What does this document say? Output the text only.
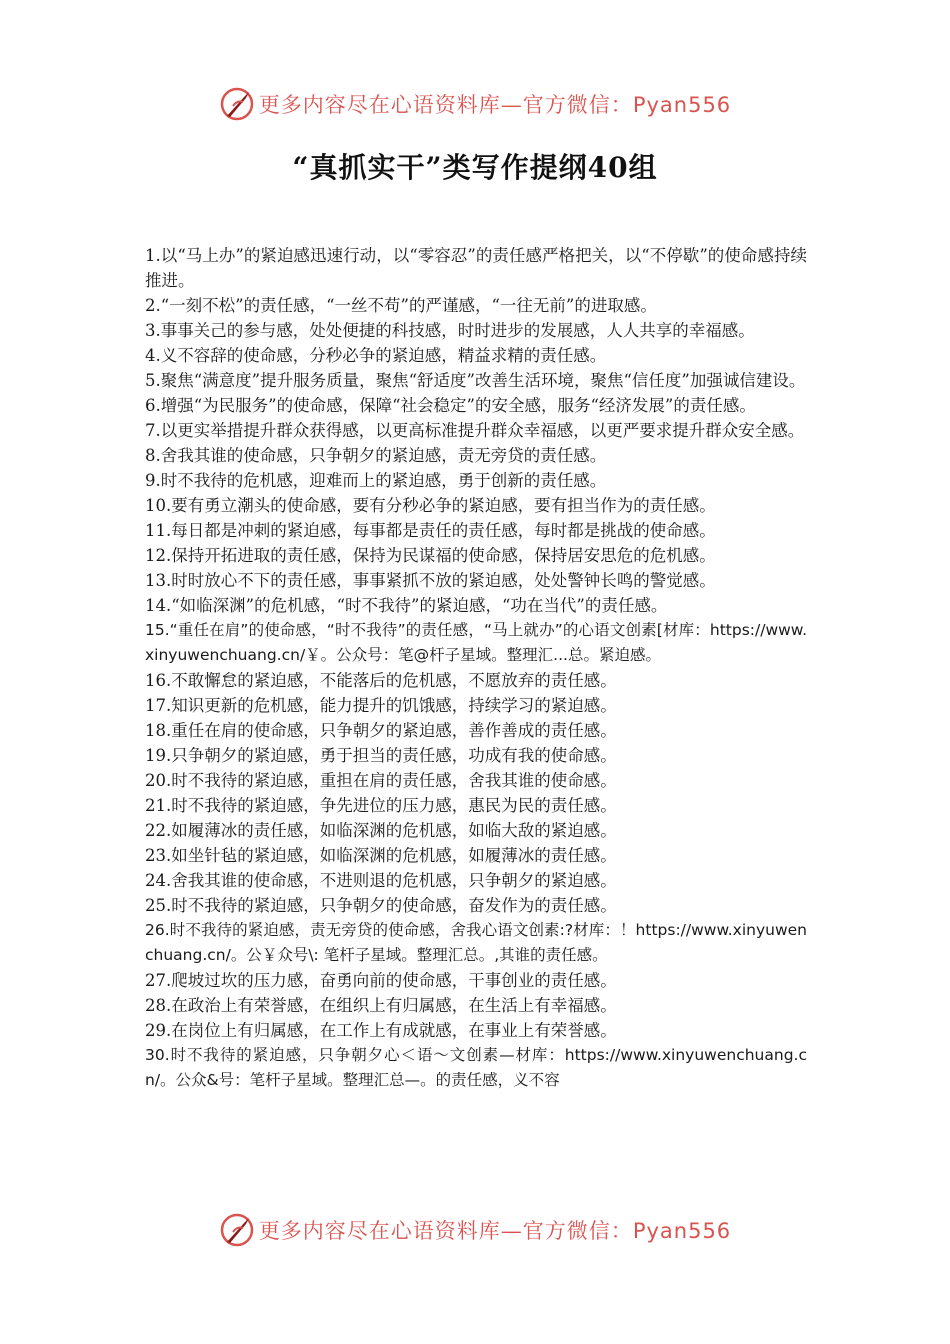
更多内容尽在心语资料库—官方微信：Pyan556
“真抓实干”类写作提纲40组

1.以“马上办”的紧迫感迅速行动，以“零容忍”的责任感严格把关，以“不停歇”的使命感持续推进。

2.“一刻不松”的责任感，“一丝不苟”的严谨感，“一往无前”的进取感。

3.事事关己的参与感，处处便捷的科技感，时时进步的发展感，人人共享的幸福感。

4.义不容辞的使命感，分秒必争的紧迫感，精益求精的责任感。

5.聚焦“满意度”提升服务质量，聚焦“舒适度”改善生活环境，聚焦“信任度”加强诚信建设。

6.增强“为民服务”的使命感，保障“社会稳定”的安全感，服务“经济发展”的责任感。

7.以更实举措提升群众获得感，以更高标准提升群众幸福感，以更严要求提升群众安全感。

8.舍我其谁的使命感，只争朝夕的紧迫感，责无旁贷的责任感。

9.时不我待的危机感，迎难而上的紧迫感，勇于创新的责任感。

10.要有勇立潮头的使命感，要有分秒必争的紧迫感，要有担当作为的责任感。

11.每日都是冲刺的紧迫感，每事都是责任的责任感，每时都是挑战的使命感。

12.保持开拓进取的责任感，保持为民谋福的使命感，保持居安思危的危机感。

13.时时放心不下的责任感，事事紧抓不放的紧迫感，处处警钟长鸣的警觉感。

14.“如临深渊”的危机感，“时不我待”的紧迫感，“功在当代”的责任感。

15.“重任在肩”的使命感，“时不我待”的责任感，“马上就办”的心语文创素[材库：https://www.xinyuwenchuang.cn/￥。公众号：笔@杆子星域。整理汇...总。紧迫感。

16.不敢懈怠的紧迫感，不能落后的危机感，不愿放弃的责任感。

17.知识更新的危机感，能力提升的饥饿感，持续学习的紧迫感。

18.重任在肩的使命感，只争朝夕的紧迫感，善作善成的责任感。

19.只争朝夕的紧迫感，勇于担当的责任感，功成有我的使命感。

20.时不我待的紧迫感，重担在肩的责任感，舍我其谁的使命感。

21.时不我待的紧迫感，争先进位的压力感，惠民为民的责任感。

22.如履薄冰的责任感，如临深渊的危机感，如临大敌的紧迫感。

23.如坐针毡的紧迫感，如临深渊的危机感，如履薄冰的责任感。

24.舍我其谁的使命感，不进则退的危机感，只争朝夕的紧迫感。

25.时不我待的紧迫感，只争朝夕的使命感，奋发作为的责任感。

26.时不我待的紧迫感，责无旁贷的使命感，舍我心语文创素:?材库：！https://www.xinyuwenchuang.cn/。公￥众号\: 笔杆子星域。整理汇总。,其谁的责任感。

27.爬坡过坎的压力感，奋勇向前的使命感，干事创业的责任感。

28.在政治上有荣誉感，在组织上有归属感，在生活上有幸福感。

29.在岗位上有归属感，在工作上有成就感，在事业上有荣誉感。

30.时不我待的紧迫感，只争朝夕心＜语～文创素—材库：https://www.xinyuwenchuang.cn/。公众&号：笔杆子星域。整理汇总—。的责任感，义不容

更多内容尽在心语资料库—官方微信：Pyan556
